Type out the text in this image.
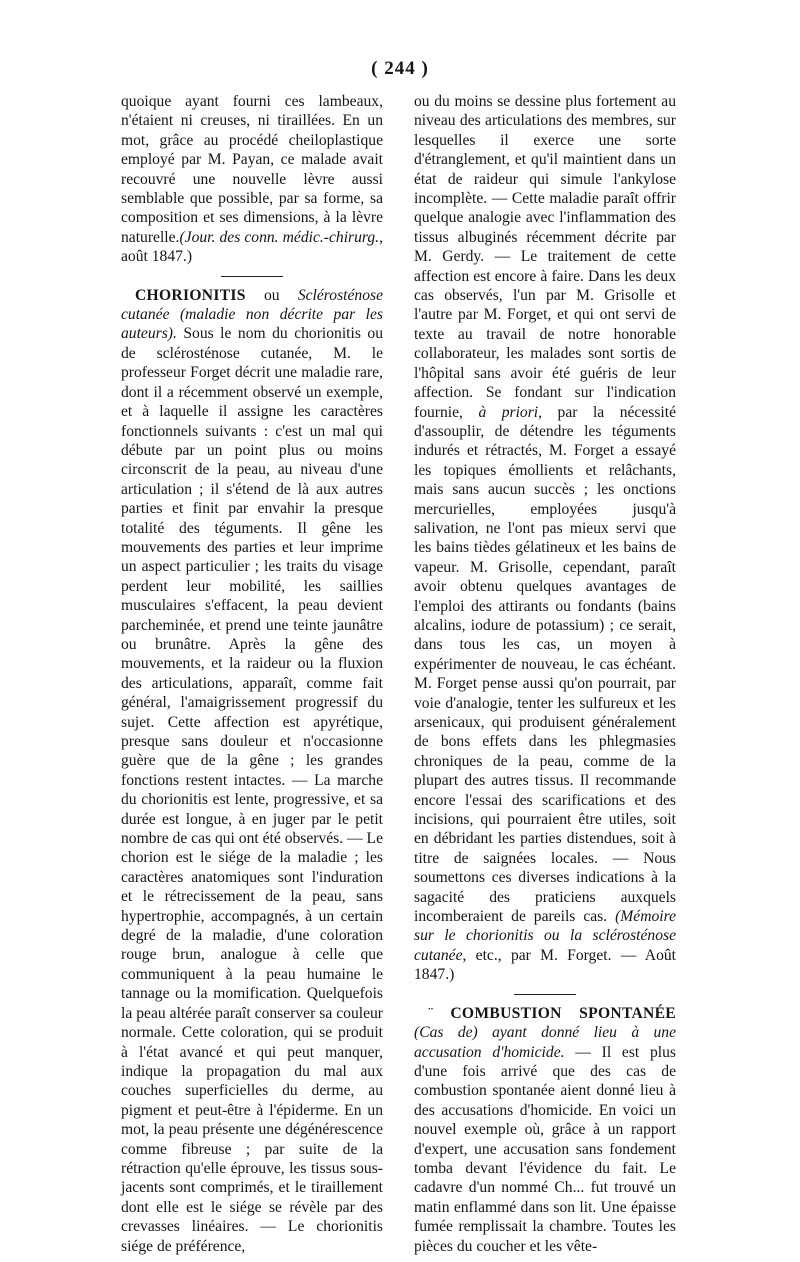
( 244 )

quoique ayant fourni ces lambeaux, n'étaient ni creuses, ni tiraillées. En un mot, grâce au procédé cheiloplastique employé par M. Payan, ce malade avait recouvré une nouvelle lèvre aussi semblable que possible, par sa forme, sa composition et ses dimensions, à la lèvre naturelle.(Jour. des conn. médic.-chirurg., août 1847.)

CHORIONITIS ou Sclérosténose cutanée (maladie non décrite par les auteurs). Sous le nom du chorionitis ou de sclérosténose cutanée, M. le professeur Forget décrit une maladie rare, dont il a récemment observé un exemple, et à laquelle il assigne les caractères fonctionnels suivants : c'est un mal qui débute par un point plus ou moins circonscrit de la peau, au niveau d'une articulation ; il s'étend de là aux autres parties et finit par envahir la presque totalité des téguments. Il gêne les mouvements des parties et leur imprime un aspect particulier ; les traits du visage perdent leur mobilité, les saillies musculaires s'effacent, la peau devient parcheminée, et prend une teinte jaunâtre ou brunâtre. Après la gêne des mouvements, et la raideur ou la fluxion des articulations, apparaît, comme fait général, l'amaigrissement progressif du sujet. Cette affection est apyrétique, presque sans douleur et n'occasionne guère que de la gêne ; les grandes fonctions restent intactes. — La marche du chorionitis est lente, progressive, et sa durée est longue, à en juger par le petit nombre de cas qui ont été observés. — Le chorion est le siége de la maladie ; les caractères anatomiques sont l'induration et le rétrecissement de la peau, sans hypertrophie, accompagnés, à un certain degré de la maladie, d'une coloration rouge brun, analogue à celle que communiquent à la peau humaine le tannage ou la momification. Quelquefois la peau altérée paraît conserver sa couleur normale. Cette coloration, qui se produit à l'état avancé et qui peut manquer, indique la propagation du mal aux couches superficielles du derme, au pigment et peut-être à l'épiderme. En un mot, la peau présente une dégénérescence comme fibreuse ; par suite de la rétraction qu'elle éprouve, les tissus sous-jacents sont comprimés, et le tiraillement dont elle est le siége se révèle par des crevasses linéaires. — Le chorionitis siége de préférence,

ou du moins se dessine plus fortement au niveau des articulations des membres, sur lesquelles il exerce une sorte d'étranglement, et qu'il maintient dans un état de raideur qui simule l'ankylose incomplète. — Cette maladie paraît offrir quelque analogie avec l'inflammation des tissus albuginés récemment décrite par M. Gerdy. — Le traitement de cette affection est encore à faire. Dans les deux cas observés, l'un par M. Grisolle et l'autre par M. Forget, et qui ont servi de texte au travail de notre honorable collaborateur, les malades sont sortis de l'hôpital sans avoir été guéris de leur affection. Se fondant sur l'indication fournie, à priori, par la nécessité d'assouplir, de détendre les téguments indurés et rétractés, M. Forget a essayé les topiques émollients et relâchants, mais sans aucun succès ; les onctions mercurielles, employées jusqu'à salivation, ne l'ont pas mieux servi que les bains tièdes gélatineux et les bains de vapeur. M. Grisolle, cependant, paraît avoir obtenu quelques avantages de l'emploi des attirants ou fondants (bains alcalins, iodure de potassium) ; ce serait, dans tous les cas, un moyen à expérimenter de nouveau, le cas échéant. M. Forget pense aussi qu'on pourrait, par voie d'analogie, tenter les sulfureux et les arsenicaux, qui produisent généralement de bons effets dans les phlegmasies chroniques de la peau, comme de la plupart des autres tissus. Il recommande encore l'essai des scarifications et des incisions, qui pourraient être utiles, soit en débridant les parties distendues, soit à titre de saignées locales. — Nous soumettons ces diverses indications à la sagacité des praticiens auxquels incomberaient de pareils cas. (Mémoire sur le chorionitis ou la sclérosténose cutanée, etc., par M. Forget. — Août 1847.)

¨ COMBUSTION SPONTANÉE (Cas de) ayant donné lieu à une accusation d'homicide. — Il est plus d'une fois arrivé que des cas de combustion spontanée aient donné lieu à des accusations d'homicide. En voici un nouvel exemple où, grâce à un rapport d'expert, une accusation sans fondement tomba devant l'évidence du fait. Le cadavre d'un nommé Ch... fut trouvé un matin enflammé dans son lit. Une épaisse fumée remplissait la chambre. Toutes les pièces du coucher et les vête-
